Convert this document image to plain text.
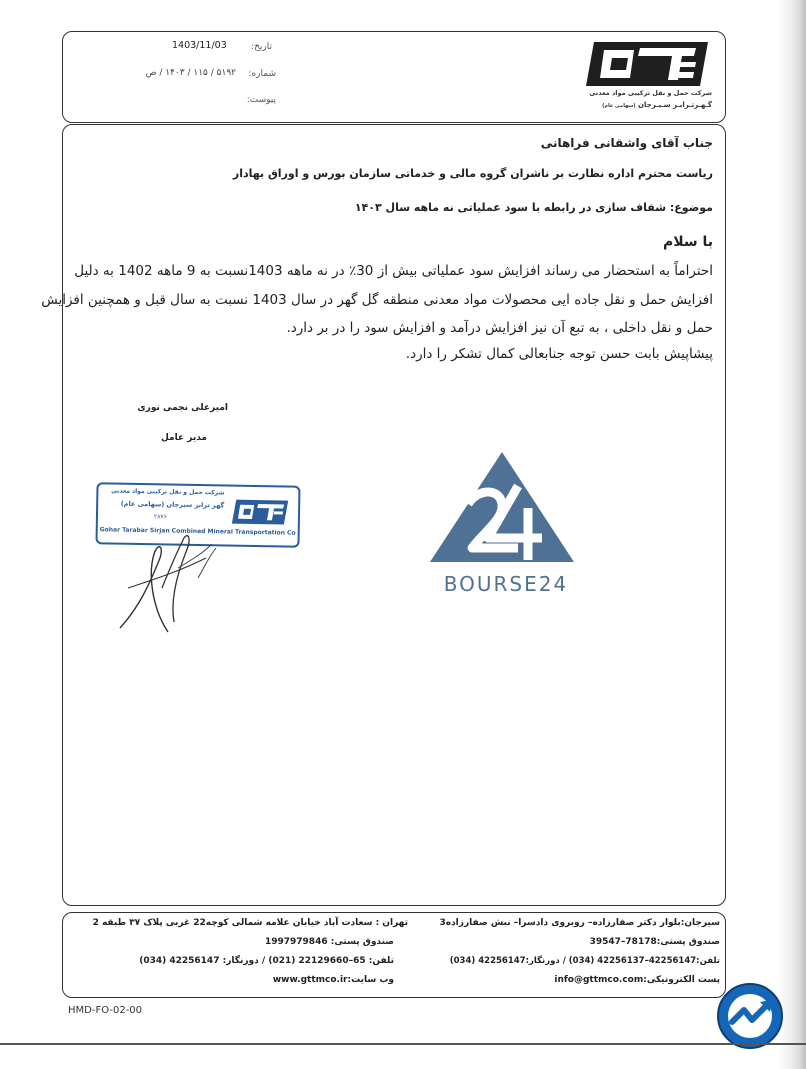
شرکت حمل و نقل ترکیبی مواد معدنی
گـهـرتـرابـر سـیـرجان (سهامی عام)
تاریخ:
1403/11/03
شماره:
۵۱۹۲ / ۱۱۵ / ۱۴۰۳ / ص
پیوست:
جناب آقای واشقانی فراهانی
ریاست محترم اداره نظارت بر ناشران گروه مالی و خدماتی سازمان بورس و اوراق بهادار
موضوع: شفاف سازی در رابطه با سود عملیاتی نه ماهه سال ۱۴۰۳
با سلام
احتراماً به استحضار می رساند افزایش سود عملیاتی بیش از 30٪ در نه ماهه 1403نسبت به 9 ماهه 1402 به دلیل
افزایش حمل و نقل جاده ایی محصولات مواد معدنی منطقه گل گهر در سال 1403 نسبت به سال قبل و همچنین افزایش
حمل و نقل داخلی ، به تبع آن نیز افزایش درآمد و افزایش سود را در بر دارد.
پیشاپیش بابت حسن توجه جنابعالی کمال تشکر را دارد.
امیرعلی نجمی نوری
مدیر عامل
شرکت حمل و نقل ترکیبی مواد معدنی
گهر ترابر سیرجان (سهامی عام)
۲۸۷۶
Gohar Tarabar Sirjan Combined Mineral Transportation Co
BOURSE24
سیرجان:بلوار دکتر صفارزاده– روبروی دادسرا– نبش صفارزاده3
صندوق پستی:78178–39547
تلفن:42256147–42256137 (034) / دورنگار:42256147 (034)
پست الکترونیکی:info@gttmco.com
تهران : سعادت آباد خیابان علامه شمالی کوچه22 غربی پلاک ۳۷ طبقه 2
صندوق پستی: 1997979846
تلفن: 65–22129660 (021) / دورنگار: 42256147 (034)
وب سایت:www.gttmco.ir
HMD-FO-02-00
